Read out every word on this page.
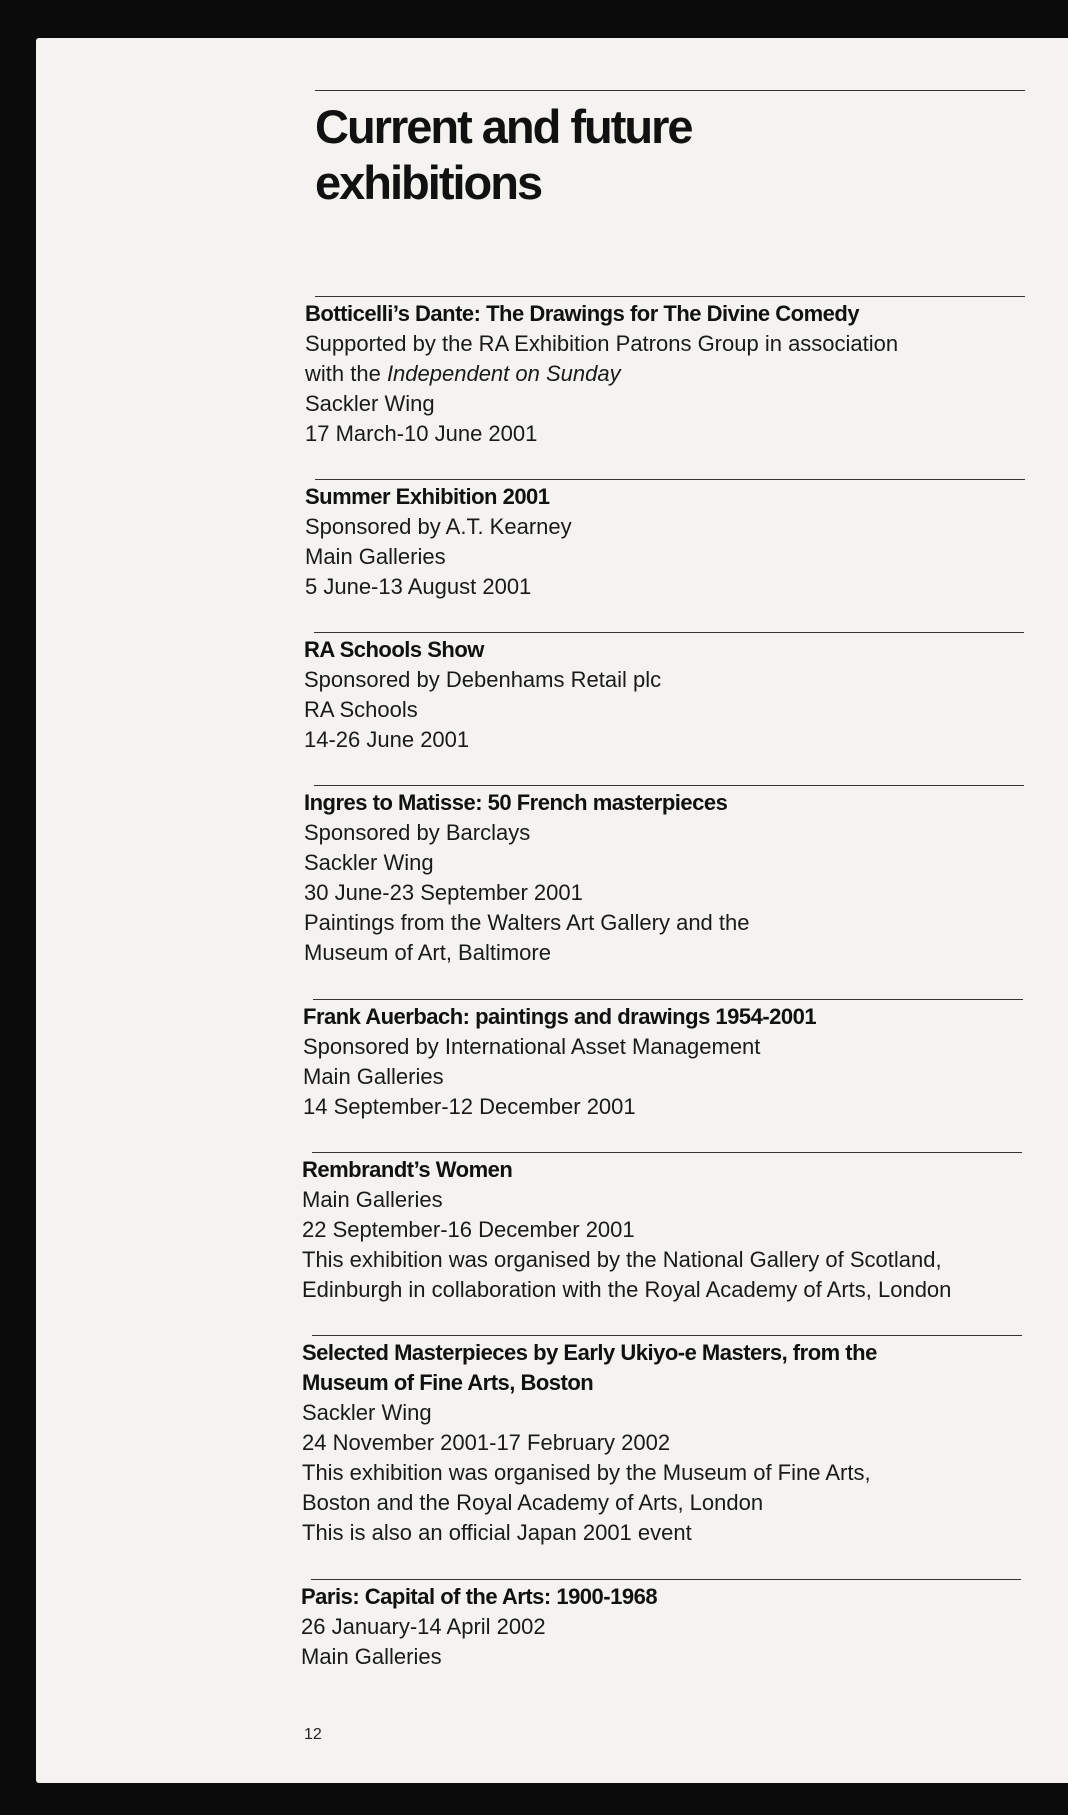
Current and future
exhibitions
Botticelli’s Dante: The Drawings for The Divine Comedy
Supported by the RA Exhibition Patrons Group in association
with the Independent on Sunday
Sackler Wing
17 March-10 June 2001
Summer Exhibition 2001
Sponsored by A.T. Kearney
Main Galleries
5 June-13 August 2001
RA Schools Show
Sponsored by Debenhams Retail plc
RA Schools
14-26 June 2001
Ingres to Matisse: 50 French masterpieces
Sponsored by Barclays
Sackler Wing
30 June-23 September 2001
Paintings from the Walters Art Gallery and the
Museum of Art, Baltimore
Frank Auerbach: paintings and drawings 1954-2001
Sponsored by International Asset Management
Main Galleries
14 September-12 December 2001
Rembrandt’s Women
Main Galleries
22 September-16 December 2001
This exhibition was organised by the National Gallery of Scotland,
Edinburgh in collaboration with the Royal Academy of Arts, London
Selected Masterpieces by Early Ukiyo-e Masters, from the
Museum of Fine Arts, Boston
Sackler Wing
24 November 2001-17 February 2002
This exhibition was organised by the Museum of Fine Arts,
Boston and the Royal Academy of Arts, London
This is also an official Japan 2001 event
Paris: Capital of the Arts: 1900-1968
26 January-14 April 2002
Main Galleries
12
